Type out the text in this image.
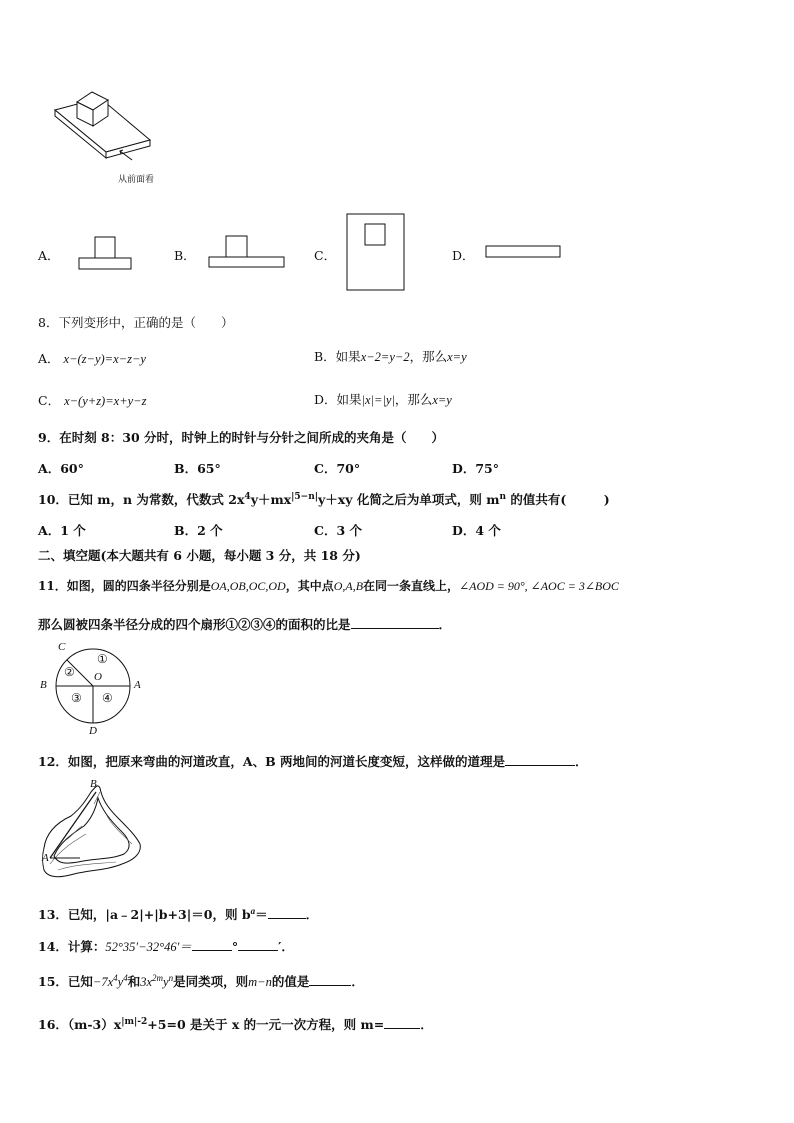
从前面看
A．	B．	C．	D．
8．下列变形中，正确的是（　　）
A． x−(z−y)=x−z−y	B．如果x−2=y−2，那么x=y
C． x−(y+z)=x+y−z	D．如果|x|=|y|，那么x=y
9．在时刻 8：30 分时，时钟上的时针与分针之间所成的夹角是（　　）
A．60°	B．65°	C．70°	D．75°
10．已知 m，n 为常数，代数式 $2x^4y+mx^{|5-n|}y+xy$ 化简之后为单项式，则 $m^n$ 的值共有(　　　)
A．1 个	B．2 个	C．3 个	D．4 个
二、填空题(本大题共有 6 小题，每小题 3 分，共 18 分)
11．如图，圆的四条半径分别是OA,OB,OC,OD，其中点O,A,B在同一条直线上，∠AOD = 90°, ∠AOC = 3∠BOC
那么圆被四条半径分成的四个扇形①②③④的面积的比是	．
C
B
O
A
D
①
②
③ ④
12．如图，把原来弯曲的河道改直，A、B 两地间的河道长度变短，这样做的道理是	．
B
A
13．已知，|a﹣2|+|b+3|＝0，则 $b^a=$	．
14．计算：52°35′−32°46′＝	°	′．
15．已知$-7x^4y^4$和$3x^{2m}y^n$是同类项，则m−n的值是	．
16．$(m-3)x^{|m|-2}+5=0$ 是关于 x 的一元一次方程，则 m=	．
